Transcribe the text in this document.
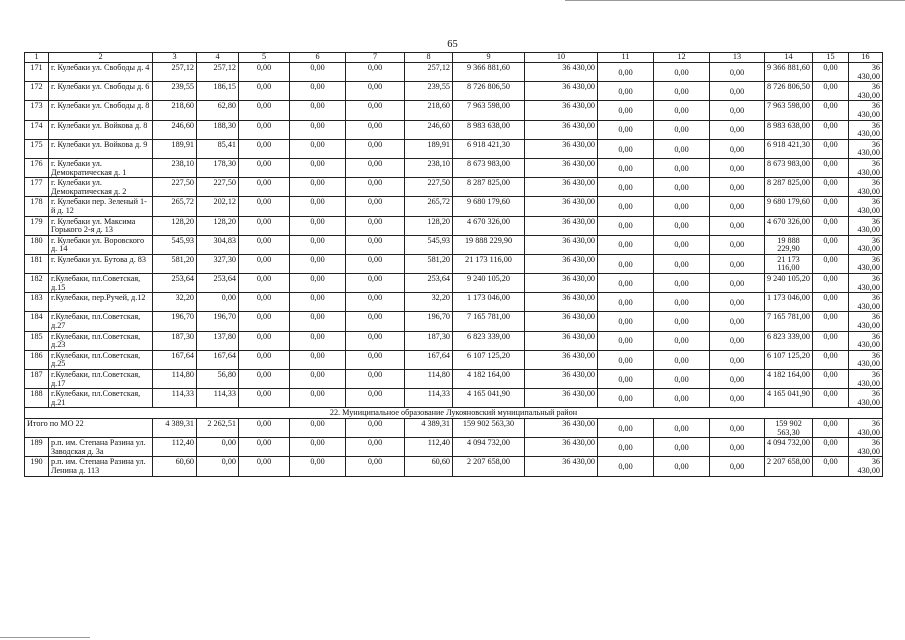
65
1	2	3	4	5	6	7	8	9	10	11	12	13	14	15	16
171	г. Кулебаки ул. Свободы д. 4	257,12	257,12	0,00	0,00	0,00	257,12	9 366 881,60	36 430,00	0,00	0,00	0,00	9 366 881,60	0,00	36 430,00
172	г. Кулебаки ул. Свободы д. 6	239,55	186,15	0,00	0,00	0,00	239,55	8 726 806,50	36 430,00	0,00	0,00	0,00	8 726 806,50	0,00	36 430,00
173	г. Кулебаки ул. Свободы д. 8	218,60	62,80	0,00	0,00	0,00	218,60	7 963 598,00	36 430,00	0,00	0,00	0,00	7 963 598,00	0,00	36 430,00
174	г. Кулебаки ул. Войкова д. 8	246,60	188,30	0,00	0,00	0,00	246,60	8 983 638,00	36 430,00	0,00	0,00	0,00	8 983 638,00	0,00	36 430,00
175	г. Кулебаки ул. Войкова д. 9	189,91	85,41	0,00	0,00	0,00	189,91	6 918 421,30	36 430,00	0,00	0,00	0,00	6 918 421,30	0,00	36 430,00
176	г. Кулебаки ул. Демократическая д. 1	238,10	178,30	0,00	0,00	0,00	238,10	8 673 983,00	36 430,00	0,00	0,00	0,00	8 673 983,00	0,00	36 430,00
177	г. Кулебаки ул. Демократическая д. 2	227,50	227,50	0,00	0,00	0,00	227,50	8 287 825,00	36 430,00	0,00	0,00	0,00	8 287 825,00	0,00	36 430,00
178	г. Кулебаки пер. Зеленый 1-й д. 12	265,72	202,12	0,00	0,00	0,00	265,72	9 680 179,60	36 430,00	0,00	0,00	0,00	9 680 179,60	0,00	36 430,00
179	г. Кулебаки ул. Максима Горького 2-я д. 13	128,20	128,20	0,00	0,00	0,00	128,20	4 670 326,00	36 430,00	0,00	0,00	0,00	4 670 326,00	0,00	36 430,00
180	г. Кулебаки ул. Воровского д. 14	545,93	304,83	0,00	0,00	0,00	545,93	19 888 229,90	36 430,00	0,00	0,00	0,00	19 888 229,90	0,00	36 430,00
181	г. Кулебаки ул. Бутова д. 83	581,20	327,30	0,00	0,00	0,00	581,20	21 173 116,00	36 430,00	0,00	0,00	0,00	21 173 116,00	0,00	36 430,00
182	г.Кулебаки, пл.Советская, д.15	253,64	253,64	0,00	0,00	0,00	253,64	9 240 105,20	36 430,00	0,00	0,00	0,00	9 240 105,20	0,00	36 430,00
183	г.Кулебаки, пер.Ручей, д.12	32,20	0,00	0,00	0,00	0,00	32,20	1 173 046,00	36 430,00	0,00	0,00	0,00	1 173 046,00	0,00	36 430,00
184	г.Кулебаки, пл.Советская, д.27	196,70	196,70	0,00	0,00	0,00	196,70	7 165 781,00	36 430,00	0,00	0,00	0,00	7 165 781,00	0,00	36 430,00
185	г.Кулебаки, пл.Советская, д.23	187,30	137,80	0,00	0,00	0,00	187,30	6 823 339,00	36 430,00	0,00	0,00	0,00	6 823 339,00	0,00	36 430,00
186	г.Кулебаки, пл.Советская, д.25	167,64	167,64	0,00	0,00	0,00	167,64	6 107 125,20	36 430,00	0,00	0,00	0,00	6 107 125,20	0,00	36 430,00
187	г.Кулебаки, пл.Советская, д.17	114,80	56,80	0,00	0,00	0,00	114,80	4 182 164,00	36 430,00	0,00	0,00	0,00	4 182 164,00	0,00	36 430,00
188	г.Кулебаки, пл.Советская, д.21	114,33	114,33	0,00	0,00	0,00	114,33	4 165 041,90	36 430,00	0,00	0,00	0,00	4 165 041,90	0,00	36 430,00
22. Муниципальное образование Лукояновский муниципальный район															
Итого по МО 22		4 389,31	2 262,51	0,00	0,00	0,00	4 389,31	159 902 563,30	36 430,00	0,00	0,00	0,00	159 902 563,30	0,00	36 430,00
189	р.п. им. Степана Разина ул. Заводская д. 3а	112,40	0,00	0,00	0,00	0,00	112,40	4 094 732,00	36 430,00	0,00	0,00	0,00	4 094 732,00	0,00	36 430,00
190	р.п. им. Степана Разина ул. Ленина д. 113	60,60	0,00	0,00	0,00	0,00	60,60	2 207 658,00	36 430,00	0,00	0,00	0,00	2 207 658,00	0,00	36 430,00
